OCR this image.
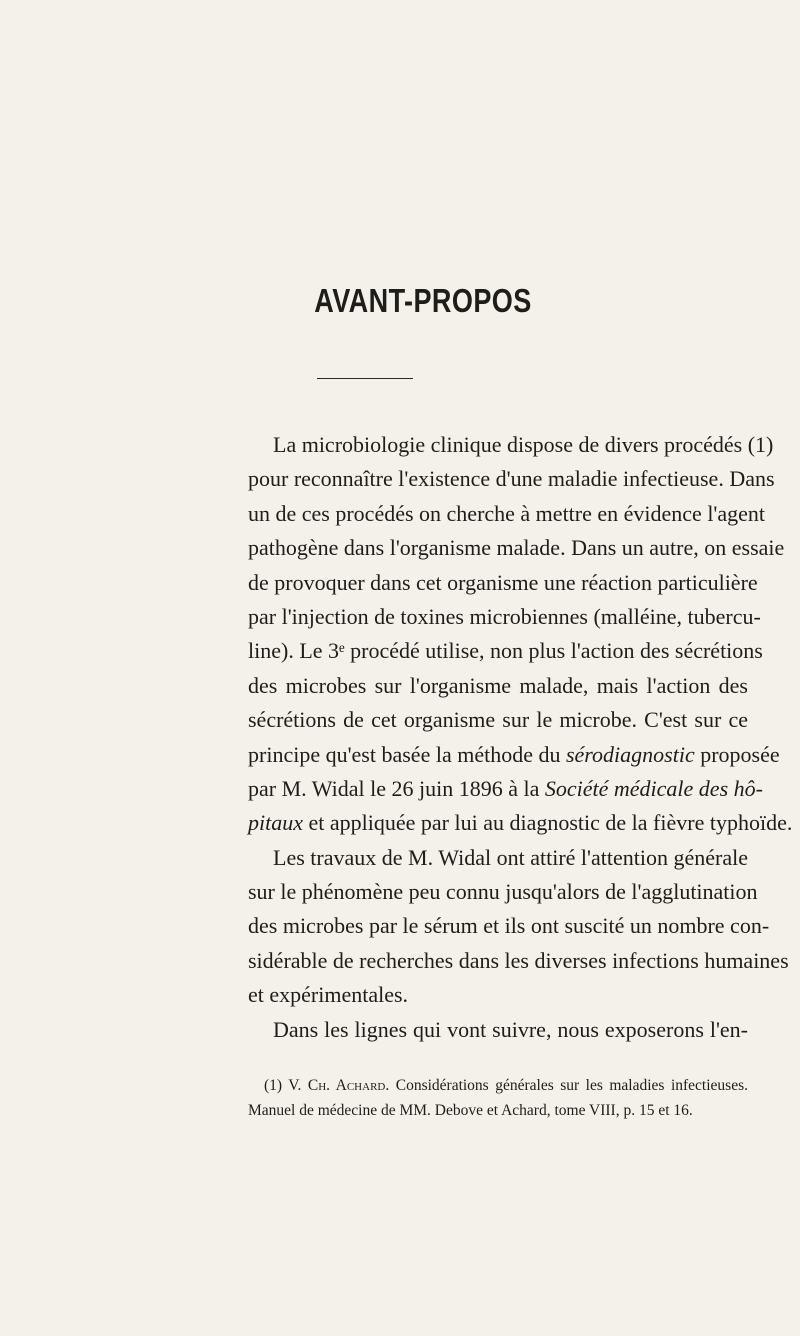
AVANT-PROPOS
La microbiologie clinique dispose de divers procédés (1)
pour reconnaître l'existence d'une maladie infectieuse. Dans
un de ces procédés on cherche à mettre en évidence l'agent
pathogène dans l'organisme malade. Dans un autre, on essaie
de provoquer dans cet organisme une réaction particulière
par l'injection de toxines microbiennes (malléine, tubercu-
line). Le 3ᵉ procédé utilise, non plus l'action des sécrétions
des microbes sur l'organisme malade, mais l'action des
sécrétions de cet organisme sur le microbe. C'est sur ce
principe qu'est basée la méthode du sérodiagnostic proposée
par M. Widal le 26 juin 1896 à la Société médicale des hô-
pitaux et appliquée par lui au diagnostic de la fièvre typhoïde.
Les travaux de M. Widal ont attiré l'attention générale
sur le phénomène peu connu jusqu'alors de l'agglutination
des microbes par le sérum et ils ont suscité un nombre con-
sidérable de recherches dans les diverses infections humaines
et expérimentales.
Dans les lignes qui vont suivre, nous exposerons l'en-
(1) V. Ch. Achard. Considérations générales sur les maladies infectieuses.
Manuel de médecine de MM. Debove et Achard, tome VIII, p. 15 et 16.
